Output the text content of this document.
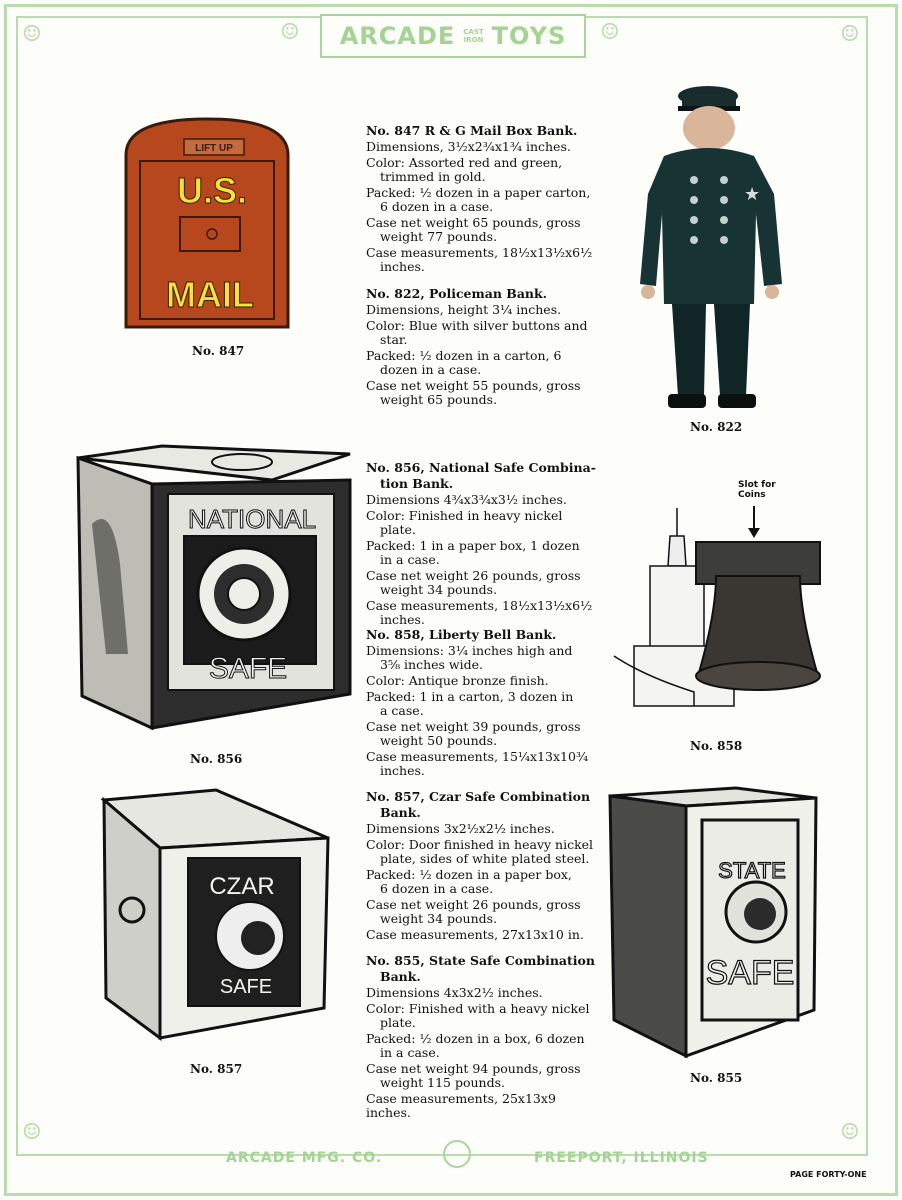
☺	☺	☺	☺
☺	☺
ARCADE CAST
IRON TOYS
LIFT UP
U.S.
MAIL
No. 847

No. 847 R & G Mail Box Bank.

Dimensions, 3½x2¾x1¾ inches.

Color: Assorted red and green,
trimmed in gold.

Packed: ½ dozen in a paper carton,
6 dozen in a case.

Case net weight 65 pounds, gross
weight 77 pounds.

Case measurements, 18½x13½x6½
inches.

★
No. 822

No. 822, Policeman Bank.

Dimensions, height 3¼ inches.

Color: Blue with silver buttons and
star.

Packed: ½ dozen in a carton, 6
dozen in a case.

Case net weight 55 pounds, gross
weight 65 pounds.

NATIONAL
SAFE
No. 856

No. 856, National Safe Combina-

tion Bank.

Dimensions 4¾x3¾x3½ inches.

Color: Finished in heavy nickel
plate.

Packed: 1 in a paper box, 1 dozen
in a case.

Case net weight 26 pounds, gross
weight 34 pounds.

Case measurements, 18½x13½x6½
inches.

Slot for Coins
No. 858

No. 858, Liberty Bell Bank.

Dimensions: 3¼ inches high and
3⅝ inches wide.

Color: Antique bronze finish.

Packed: 1 in a carton, 3 dozen in
a case.

Case net weight 39 pounds, gross
weight 50 pounds.

Case measurements, 15¼x13x10¾
inches.

CZAR
SAFE
No. 857

No. 857, Czar Safe Combination

Bank.

Dimensions 3x2½x2½ inches.

Color: Door finished in heavy nickel
plate, sides of white plated steel.

Packed: ½ dozen in a paper box,
6 dozen in a case.

Case net weight 26 pounds, gross
weight 34 pounds.

Case measurements, 27x13x10 in.

STATE
SAFE
No. 855

No. 855, State Safe Combination

Bank.

Dimensions 4x3x2½ inches.

Color: Finished with a heavy nickel
plate.

Packed: ½ dozen in a box, 6 dozen
in a case.

Case net weight 94 pounds, gross
weight 115 pounds.

Case measurements, 25x13x9 inches.

ARCADE MFG. CO.	FREEPORT, ILLINOIS
PAGE FORTY-ONE
